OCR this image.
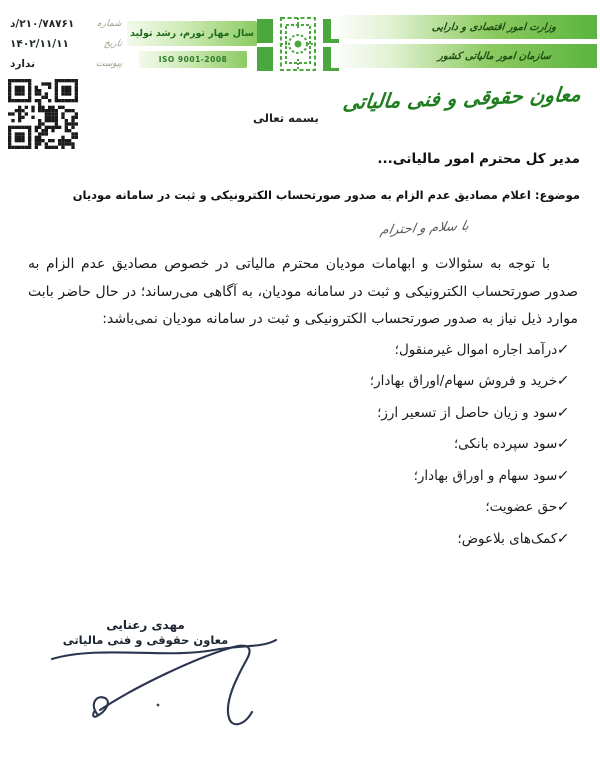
۲۱۰/۷۸۷۶۱/د شماره
۱۴۰۲/۱۱/۱۱	تاریخ
ندارد	پیوست
سال مهار تورم، رشد تولید
ISO 9001-2008
وزارت امور اقتصادی و دارایی
سازمان امور مالیاتی کشور
معاون حقوقی و فنی مالیاتی
بسمه تعالی
مدیر کل محترم امور مالیاتی...
موضوع: اعلام مصادیق عدم الزام به صدور صورتحساب الکترونیکی و ثبت در سامانه مودیان
با سلام و احترام
با توجه به سئوالات و ابهامات مودیان محترم مالیاتی در خصوص مصادیق عدم الزام به صدور صورتحساب الکترونیکی و ثبت در سامانه مودیان، به آگاهی می‌رساند؛ در حال حاضر بابت موارد ذیل نیاز به صدور صورتحساب الکترونیکی و ثبت در سامانه مودیان نمی‌باشد:
✓
درآمد اجاره اموال غیرمنقول؛
✓
خرید و فروش سهام/اوراق بهادار؛
✓
سود و زیان حاصل از تسعیر ارز؛
✓
سود سپرده بانکی؛
✓
سود سهام و اوراق بهادار؛
✓
حق عضویت؛
✓
کمک‌های بلاعوض؛
مهدی رعنایی
معاون حقوقی و فنی مالیاتی
